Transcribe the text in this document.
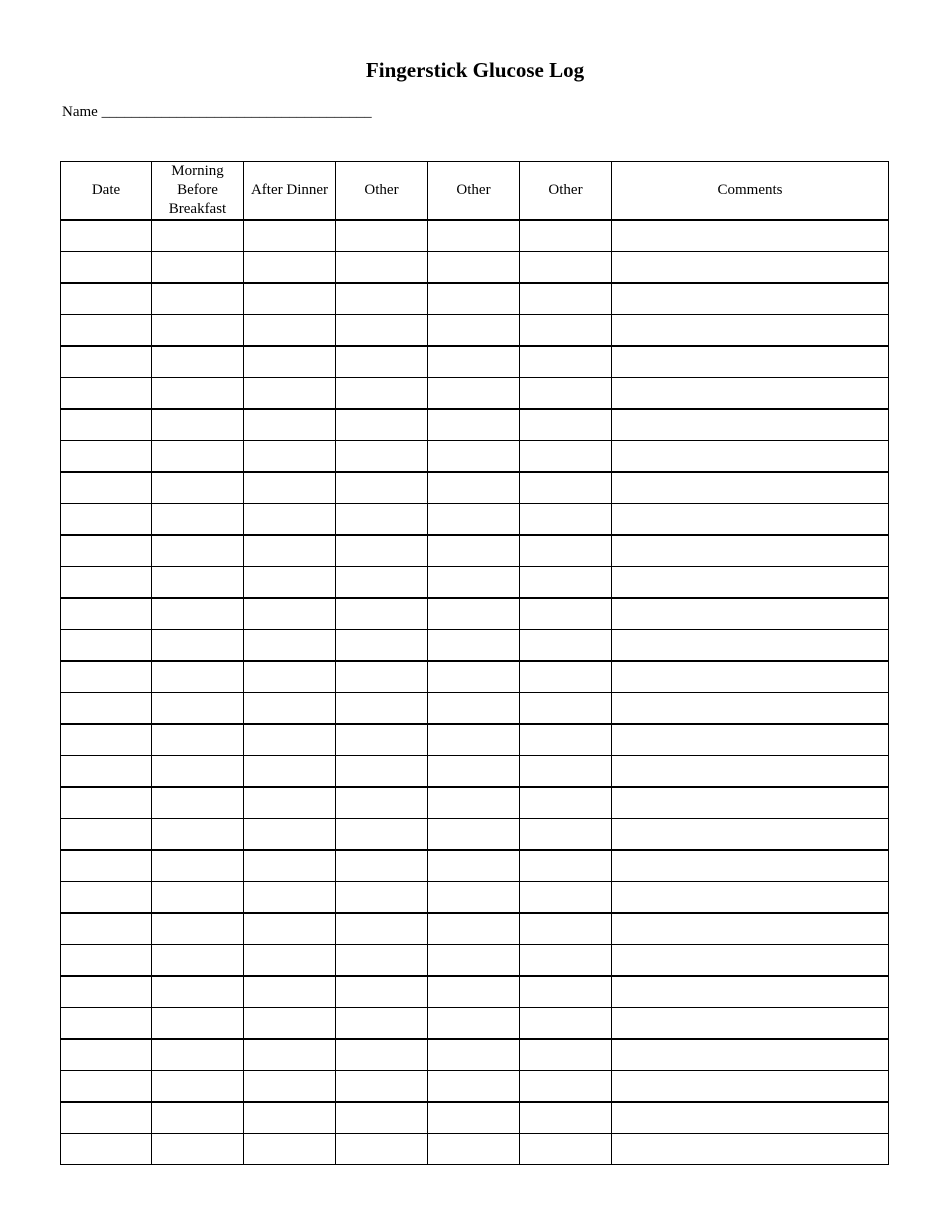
Fingerstick Glucose Log
Name ____________________________________
Date	Morning Before Breakfast	After Dinner	Other	Other	Other	Comments
